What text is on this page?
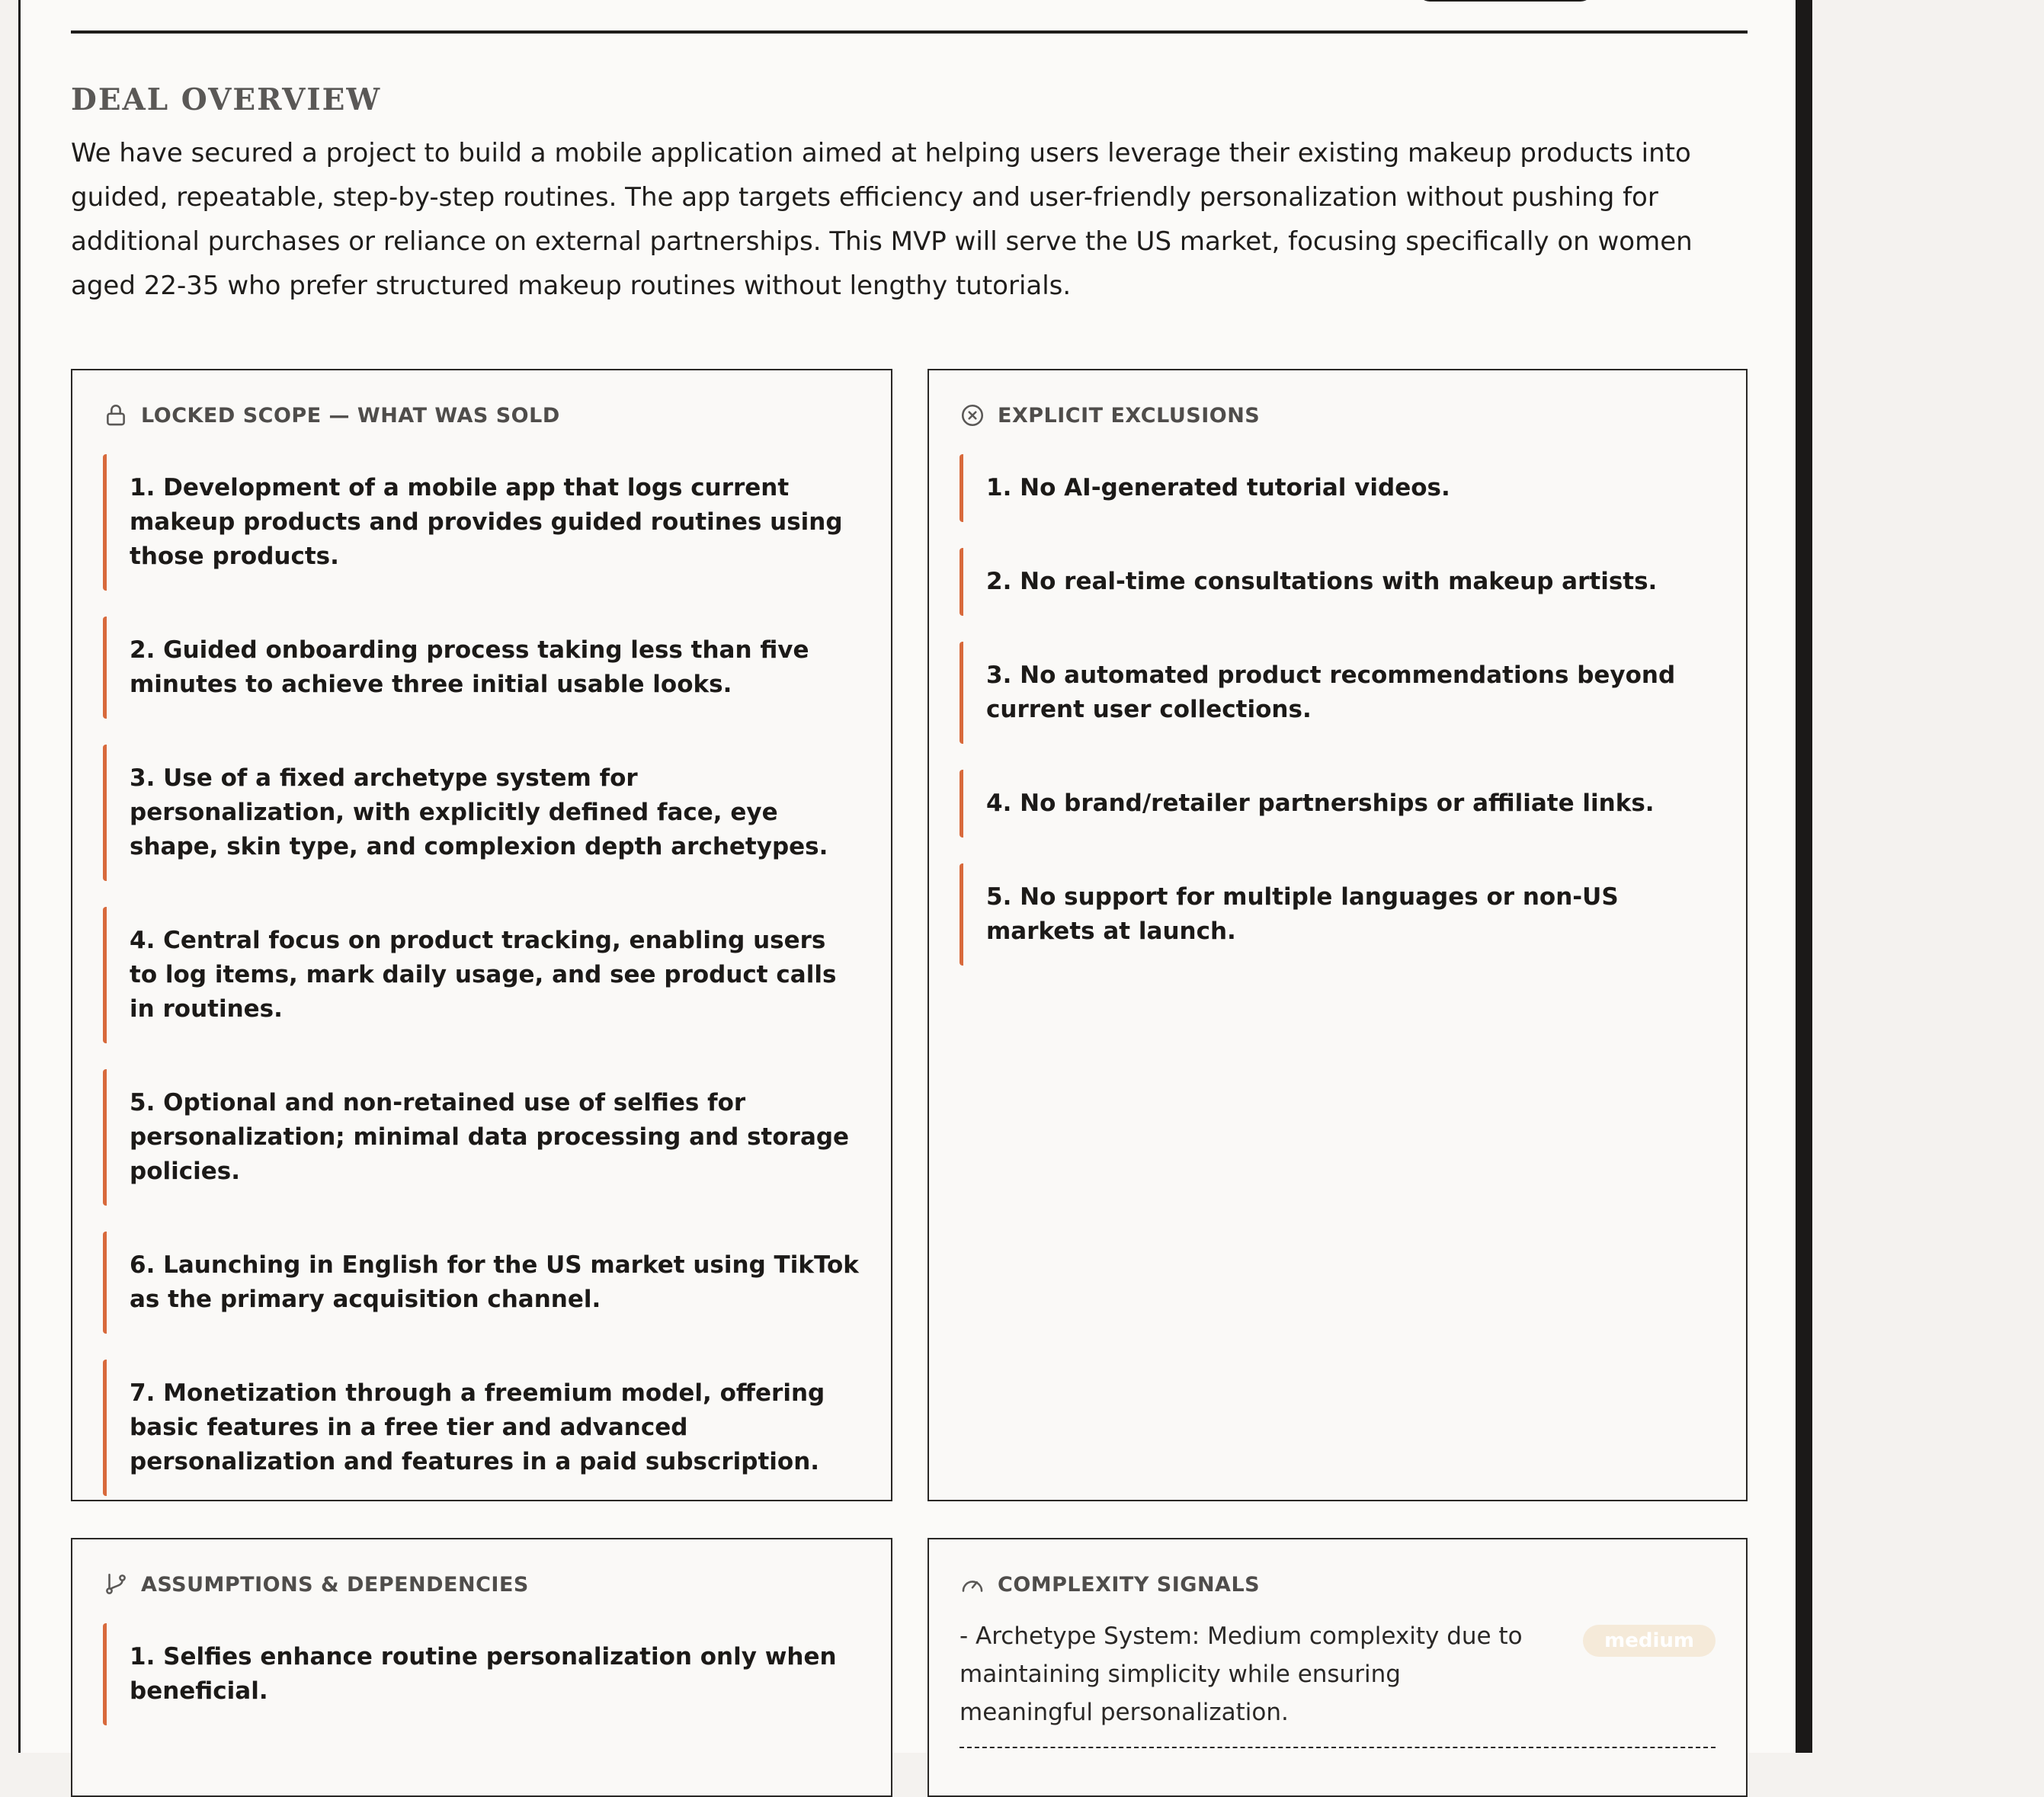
DEAL OVERVIEW

We have secured a project to build a mobile application aimed at helping users leverage their existing makeup products into guided, repeatable, step-by-step routines. The app targets efficiency and user-friendly personalization without pushing for additional purchases or reliance on external partnerships. This MVP will serve the US market, focusing specifically on women aged 22-35 who prefer structured makeup routines without lengthy tutorials.

LOCKED SCOPE — WHAT WAS SOLD
1. Development of a mobile app that logs current makeup products and provides guided routines using those products.
2. Guided onboarding process taking less than five minutes to achieve three initial usable looks.
3. Use of a fixed archetype system for personalization, with explicitly defined face, eye shape, skin type, and complexion depth archetypes.
4. Central focus on product tracking, enabling users to log items, mark daily usage, and see product calls in routines.
5. Optional and non-retained use of selfies for personalization; minimal data processing and storage policies.
6. Launching in English for the US market using TikTok as the primary acquisition channel.
7. Monetization through a freemium model, offering basic features in a free tier and advanced personalization and features in a paid subscription.
EXPLICIT EXCLUSIONS
1. No AI-generated tutorial videos.
2. No real-time consultations with makeup artists.
3. No automated product recommendations beyond current user collections.
4. No brand/retailer partnerships or affiliate links.
5. No support for multiple languages or non-US markets at launch.
ASSUMPTIONS & DEPENDENCIES
1. Selfies enhance routine personalization only when beneficial.
COMPLEXITY SIGNALS
- Archetype System: Medium complexity due to maintaining simplicity while ensuring meaningful personalization.
medium
